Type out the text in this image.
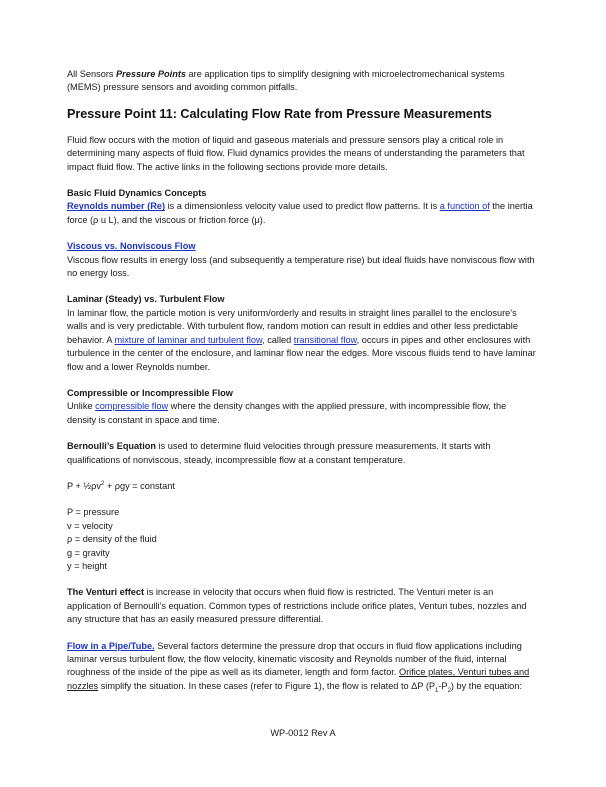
All Sensors Pressure Points are application tips to simplify designing with microelectromechanical systems (MEMS) pressure sensors and avoiding common pitfalls.

Pressure Point 11: Calculating Flow Rate from Pressure Measurements

Fluid flow occurs with the motion of liquid and gaseous materials and pressure sensors play a critical role in determining many aspects of fluid flow. Fluid dynamics provides the means of understanding the parameters that impact fluid flow. The active links in the following sections provide more details.

Basic Fluid Dynamics Concepts
Reynolds number (Re) is a dimensionless velocity value used to predict flow patterns. It is a function of the inertia force (ρ u L), and the viscous or friction force (μ).

Viscous vs. Nonviscous Flow
Viscous flow results in energy loss (and subsequently a temperature rise) but ideal fluids have nonviscous flow with no energy loss.

Laminar (Steady) vs. Turbulent Flow
In laminar flow, the particle motion is very uniform/orderly and results in straight lines parallel to the enclosure’s walls and is very predictable. With turbulent flow, random motion can result in eddies and other less predictable behavior. A mixture of laminar and turbulent flow, called transitional flow, occurs in pipes and other enclosures with turbulence in the center of the enclosure, and laminar flow near the edges. More viscous fluids tend to have laminar flow and a lower Reynolds number.

Compressible or Incompressible Flow
Unlike compressible flow where the density changes with the applied pressure, with incompressible flow, the density is constant in space and time.

Bernoulli’s Equation is used to determine fluid velocities through pressure measurements. It starts with qualifications of nonviscous, steady, incompressible flow at a constant temperature.

$P + \frac{1}{2}\rho v^2 + \rho gy$ = constant

P = pressure
v = velocity
ρ = density of the fluid
g = gravity
y = height

The Venturi effect is increase in velocity that occurs when fluid flow is restricted. The Venturi meter is an application of Bernoulli’s equation. Common types of restrictions include orifice plates, Venturi tubes, nozzles and any structure that has an easily measured pressure differential.

Flow in a Pipe/Tube. Several factors determine the pressure drop that occurs in fluid flow applications including laminar versus turbulent flow, the flow velocity, kinematic viscosity and Reynolds number of the fluid, internal roughness of the inside of the pipe as well as its diameter, length and form factor. Orifice plates, Venturi tubes and nozzles simplify the situation. In these cases (refer to Figure 1), the flow is related to ΔP $(P_1-P_2)$ by the equation:

WP-0012 Rev A
